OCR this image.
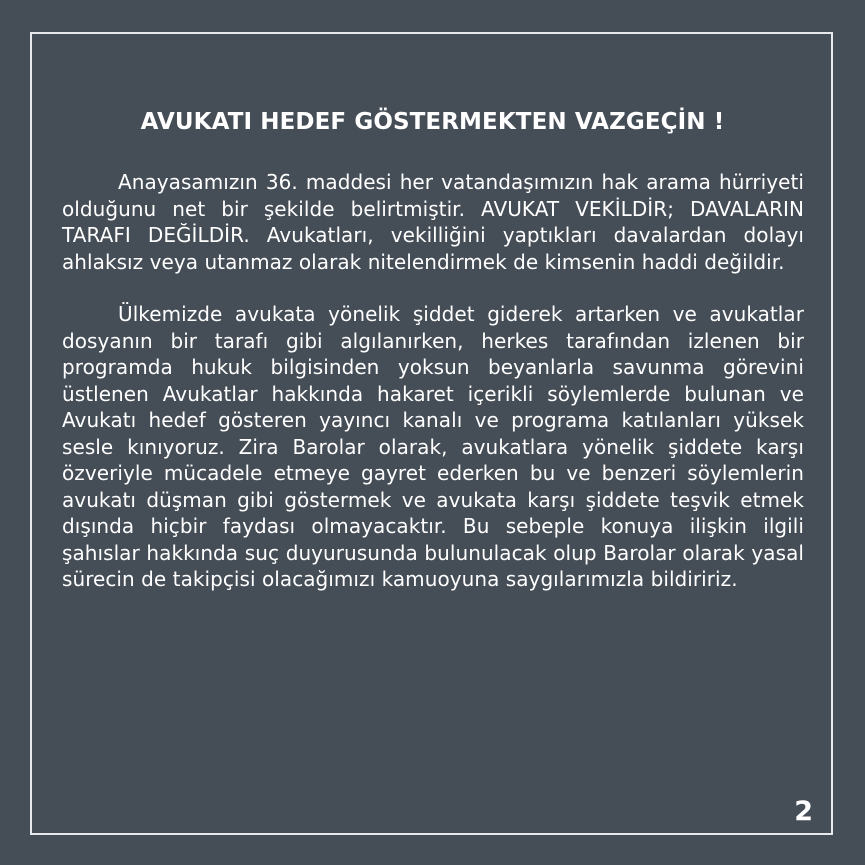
AVUKATI HEDEF GÖSTERMEKTEN VAZGEÇİN !

Anayasamızın 36. maddesi her vatandaşımızın hak arama hürriyeti olduğunu net bir şekilde belirtmiştir. AVUKAT VEKİLDİR; DAVALARIN TARAFI DEĞİLDİR. Avukatları, vekilliğini yaptıkları davalardan dolayı ahlaksız veya utanmaz olarak nitelendirmek de kimsenin haddi değildir.

Ülkemizde avukata yönelik şiddet giderek artarken ve avukatlar dosyanın bir tarafı gibi algılanırken, herkes tarafından izlenen bir programda hukuk bilgisinden yoksun beyanlarla savunma görevini üstlenen Avukatlar hakkında hakaret içerikli söylemlerde bulunan ve Avukatı hedef gösteren yayıncı kanalı ve programa katılanları yüksek sesle kınıyoruz. Zira Barolar olarak, avukatlara yönelik şiddete karşı özveriyle mücadele etmeye gayret ederken bu ve benzeri söylemlerin avukatı düşman gibi göstermek ve avukata karşı şiddete teşvik etmek dışında hiçbir faydası olmayacaktır. Bu sebeple konuya ilişkin ilgili şahıslar hakkında suç duyurusunda bulunulacak olup Barolar olarak yasal sürecin de takipçisi olacağımızı kamuoyuna saygılarımızla bildiririz.

2
